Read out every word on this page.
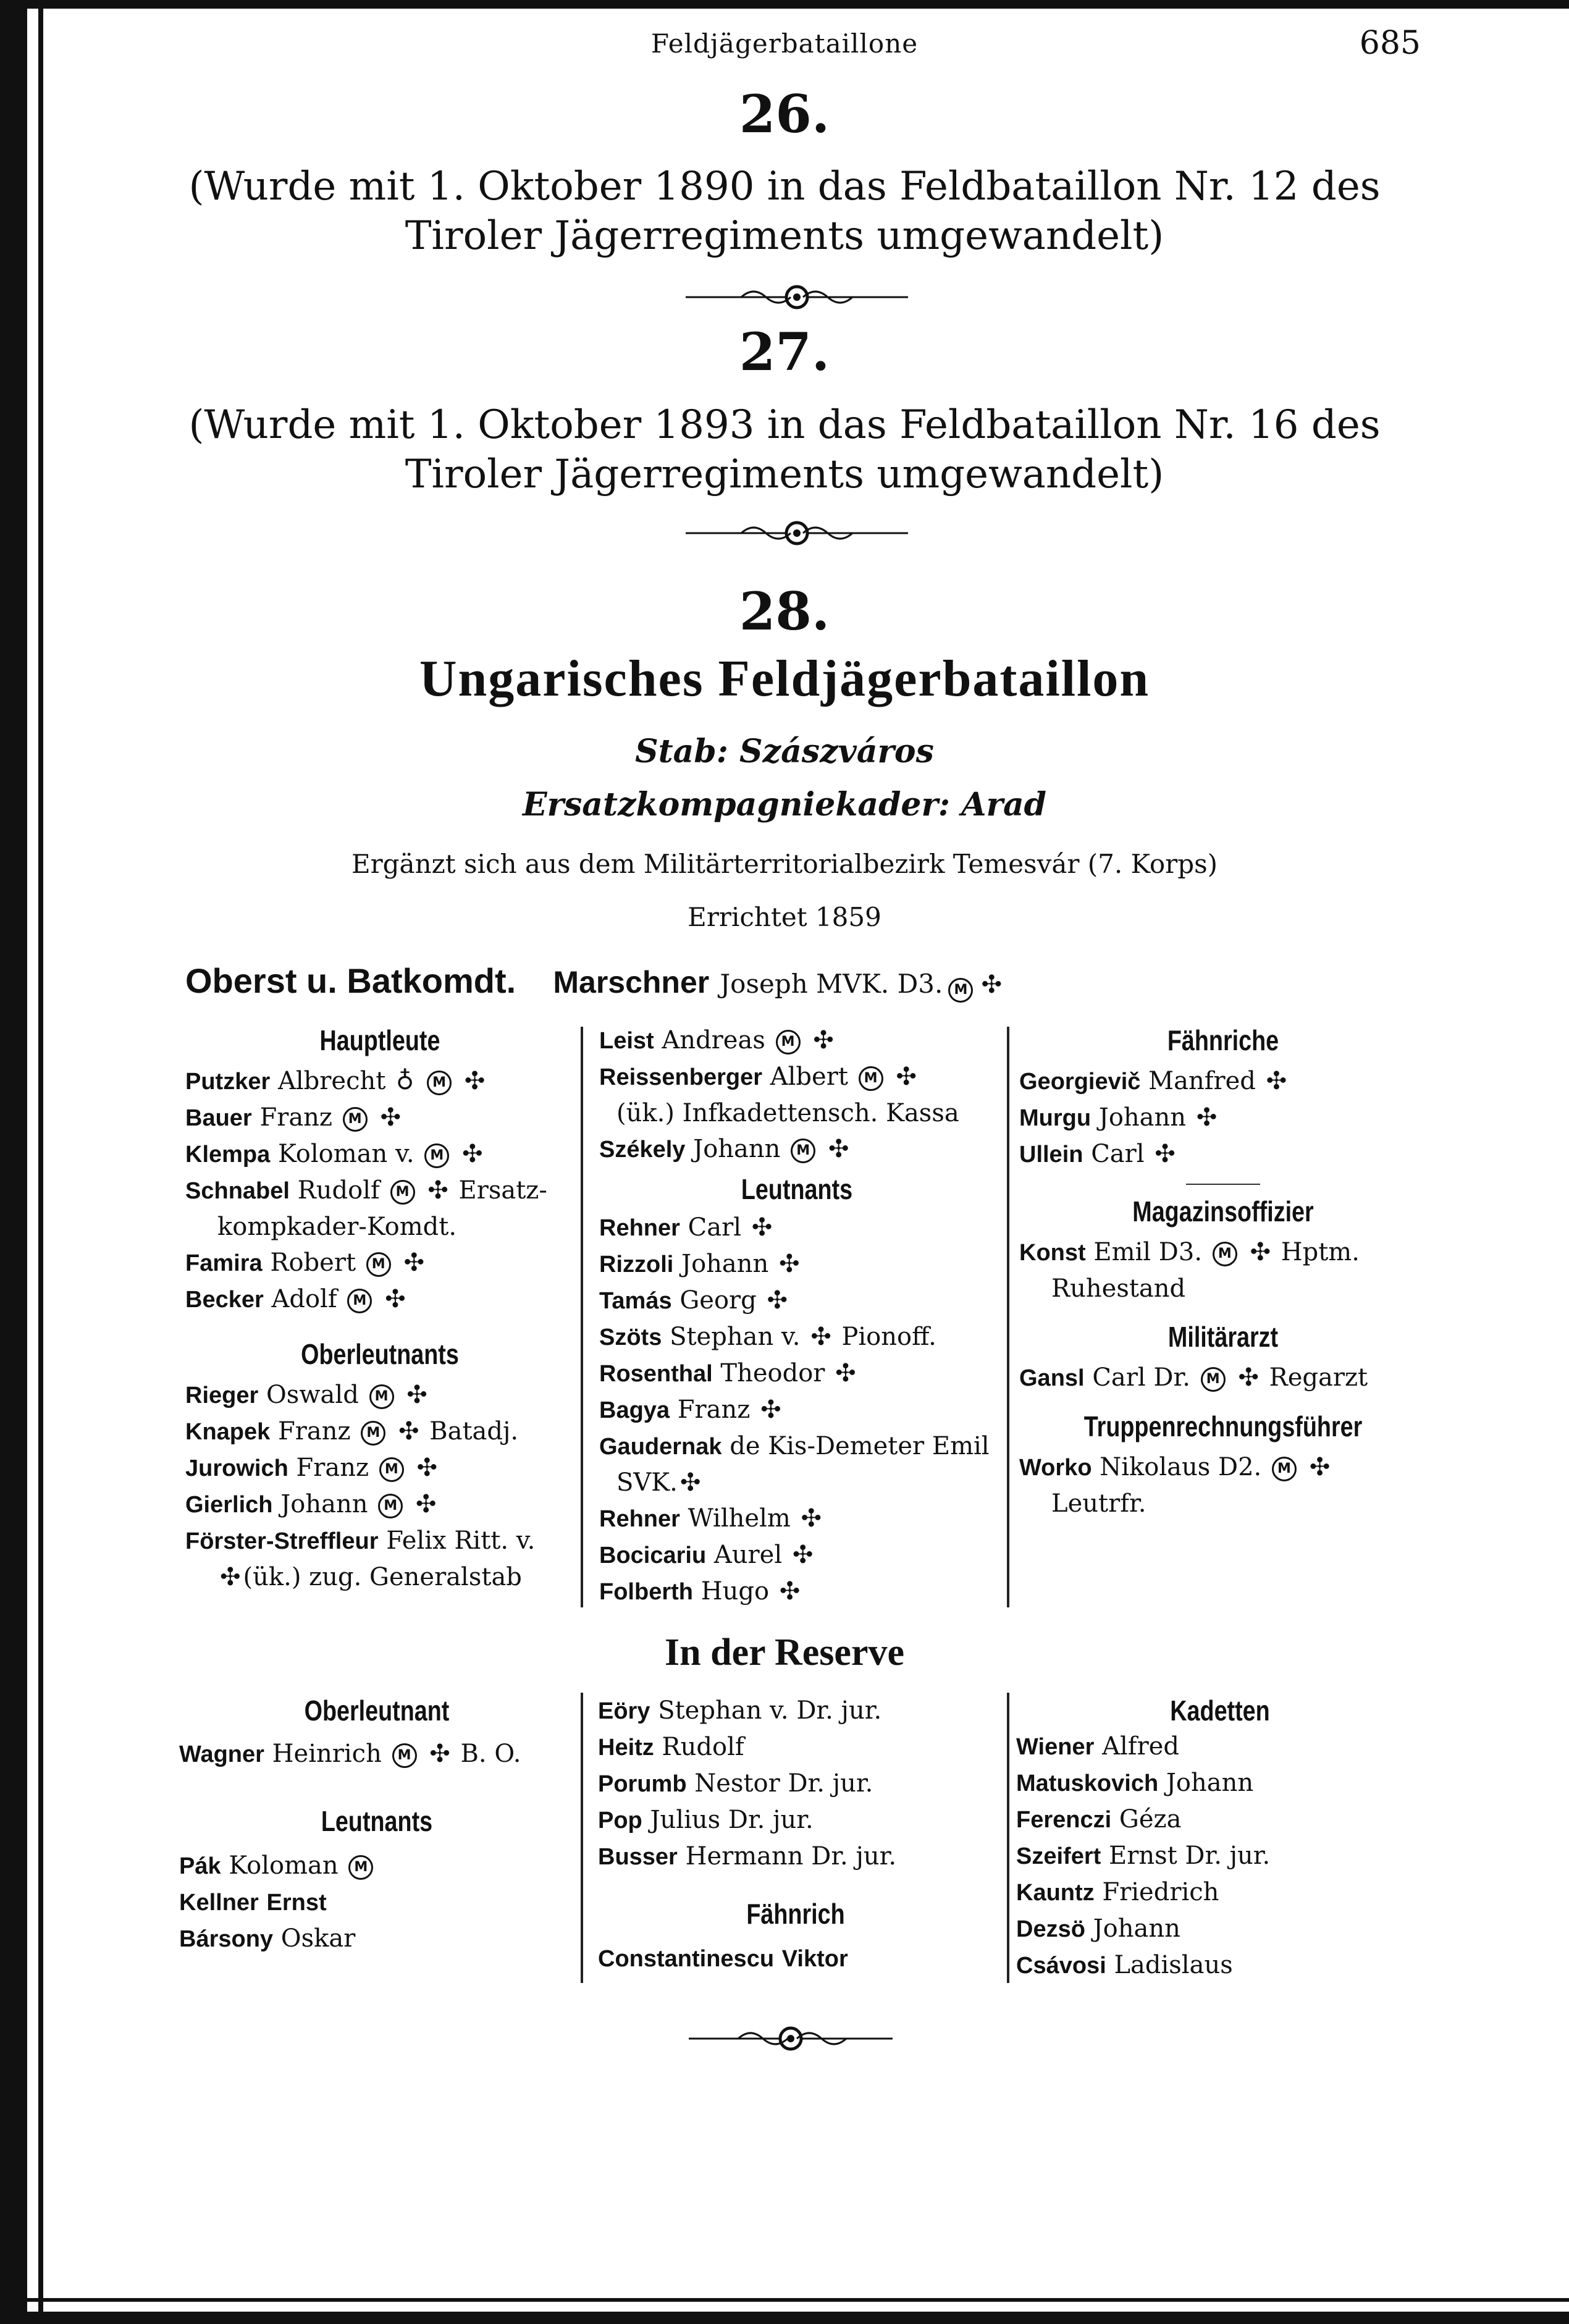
Feldjägerbataillone	685
26.
(Wurde mit 1. Oktober 1890 in das Feldbataillon Nr. 12 des
Tiroler Jägerregiments umgewandelt)
27.
(Wurde mit 1. Oktober 1893 in das Feldbataillon Nr. 16 des
Tiroler Jägerregiments umgewandelt)
28.
Ungarisches Feldjägerbataillon
Stab: Szászváros
Ersatzkompagniekader: Arad
Ergänzt sich aus dem Militärterritorialbezirk Temesvár (7. Korps)
Errichtet 1859
Oberst u. Batkomdt. Marschner Joseph MVK. D3. M ✣
Hauptleute
Putzker Albrecht ♁ M ✣
Bauer Franz M ✣
Klempa Koloman v. M ✣
Schnabel Rudolf M ✣ Ersatz-
kompkader-Komdt.
Famira Robert M ✣
Becker Adolf M ✣
Oberleutnants
Rieger Oswald M ✣
Knapek Franz M ✣ Batadj.
Jurowich Franz M ✣
Gierlich Johann M ✣
Förster-Streffleur Felix Ritt. v.
✣ (ük.) zug. Generalstab
Leist Andreas M ✣
Reissenberger Albert M ✣
(ük.) Infkadettensch. Kassa
Székely Johann M ✣
Leutnants
Rehner Carl ✣
Rizzoli Johann ✣
Tamás Georg ✣
Szöts Stephan v. ✣ Pionoff.
Rosenthal Theodor ✣
Bagya Franz ✣
Gaudernak de Kis-Demeter Emil
SVK. ✣
Rehner Wilhelm ✣
Bocicariu Aurel ✣
Folberth Hugo ✣
Fähnriche
Georgievič Manfred ✣
Murgu Johann ✣
Ullein Carl ✣
Magazinsoffizier
Konst Emil D3. M ✣ Hptm.
Ruhestand
Militärarzt
Gansl Carl Dr. M ✣ Regarzt
Truppenrechnungsführer
Worko Nikolaus D2. M ✣
Leutrfr.
In der Reserve
Oberleutnant
Wagner Heinrich M ✣ B. O.
Leutnants
Pák Koloman M
Kellner Ernst
Bársony Oskar
Eöry Stephan v. Dr. jur.
Heitz Rudolf
Porumb Nestor Dr. jur.
Pop Julius Dr. jur.
Busser Hermann Dr. jur.
Fähnrich
Constantinescu Viktor
Kadetten
Wiener Alfred
Matuskovich Johann
Ferenczi Géza
Szeifert Ernst Dr. jur.
Kauntz Friedrich
Dezsö Johann
Csávosi Ladislaus
